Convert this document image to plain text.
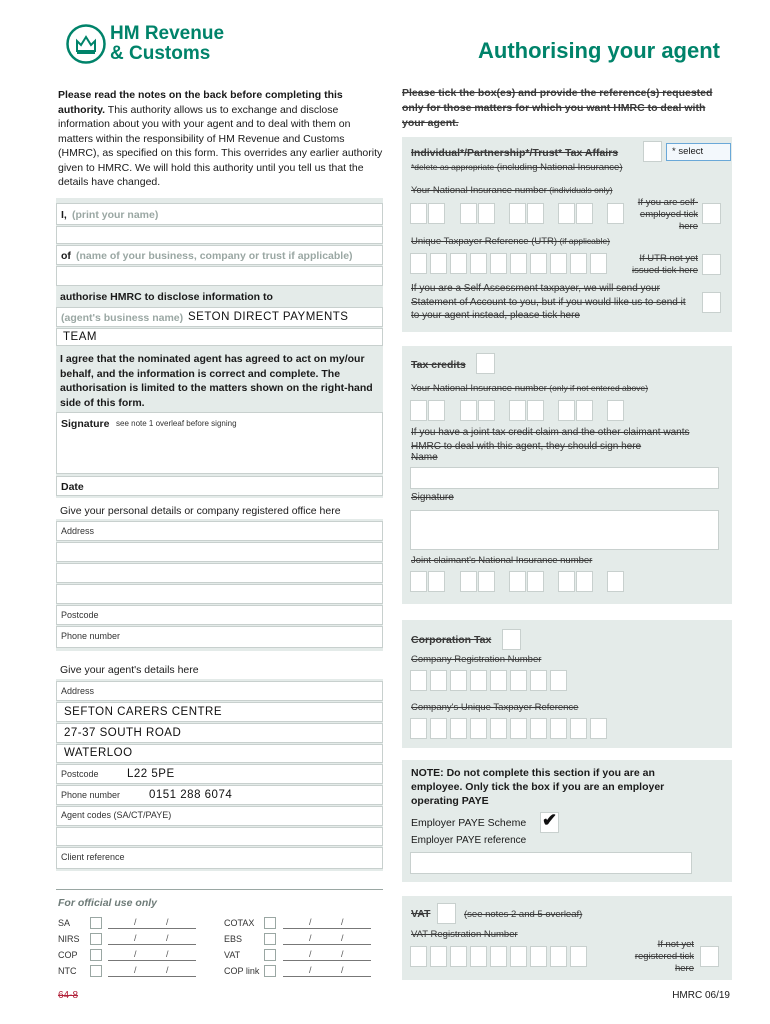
HM Revenue
& Customs	Authorising your agent
Please read the notes on the back before completing this authority. This authority allows us to exchange and disclose information about you with your agent and to deal with them on matters within the responsibility of HM Revenue and Customs (HMRC), as specified on this form. This overrides any earlier authority given to HMRC. We will hold this authority until you tell us that the details have changed.
I, (print your name)
of (name of your business, company or trust if applicable)
authorise HMRC to disclose information to
(agent's business name) SETON DIRECT PAYMENTS
TEAM
I agree that the nominated agent has agreed to act on my/our behalf, and the information is correct and complete. The authorisation is limited to the matters shown on the right-hand side of this form.
Signature see note 1 overleaf before signing
Date
Give your personal details or company registered office here
Address
Postcode
Phone number
Give your agent's details here
Address
SEFTON CARERS CENTRE
27-37 SOUTH ROAD
WATERLOO
Postcode L22 5PE
Phone number	0151 288 6074
Agent codes (SA/CT/PAYE)
Client reference
For official use only
SA	/	/	COTAX	/	/
NIRS	/	/	EBS	/	/
COP	/	/	VAT	/	/
NTC	/	/	COP link	/	/
64-8
Please tick the box(es) and provide the reference(s) requested only for those matters for which you want HMRC to deal with your agent.
Individual*/Partnership*/Trust* Tax Affairs	* select
*delete as appropriate (including National Insurance)
Your National Insurance number (individuals only)
If you are self-employed tick here
Unique Taxpayer Reference (UTR) (if applicable)
If UTR not yet issued tick here
If you are a Self Assessment taxpayer, we will send your Statement of Account to you, but if you would like us to send it to your agent instead, please tick here
Tax credits
Your National Insurance number (only if not entered above)
If you have a joint tax credit claim and the other claimant wants HMRC to deal with this agent, they should sign here
Name
Signature
Joint claimant's National Insurance number
Corporation Tax
Company Registration Number
Company's Unique Taxpayer Reference
NOTE: Do not complete this section if you are an employee. Only tick the box if you are an employer operating PAYE
Employer PAYE Scheme ✔
Employer PAYE reference
VAT	(see notes 2 and 5 overleaf)
VAT Registration Number
If not yet registered tick here
HMRC 06/19
